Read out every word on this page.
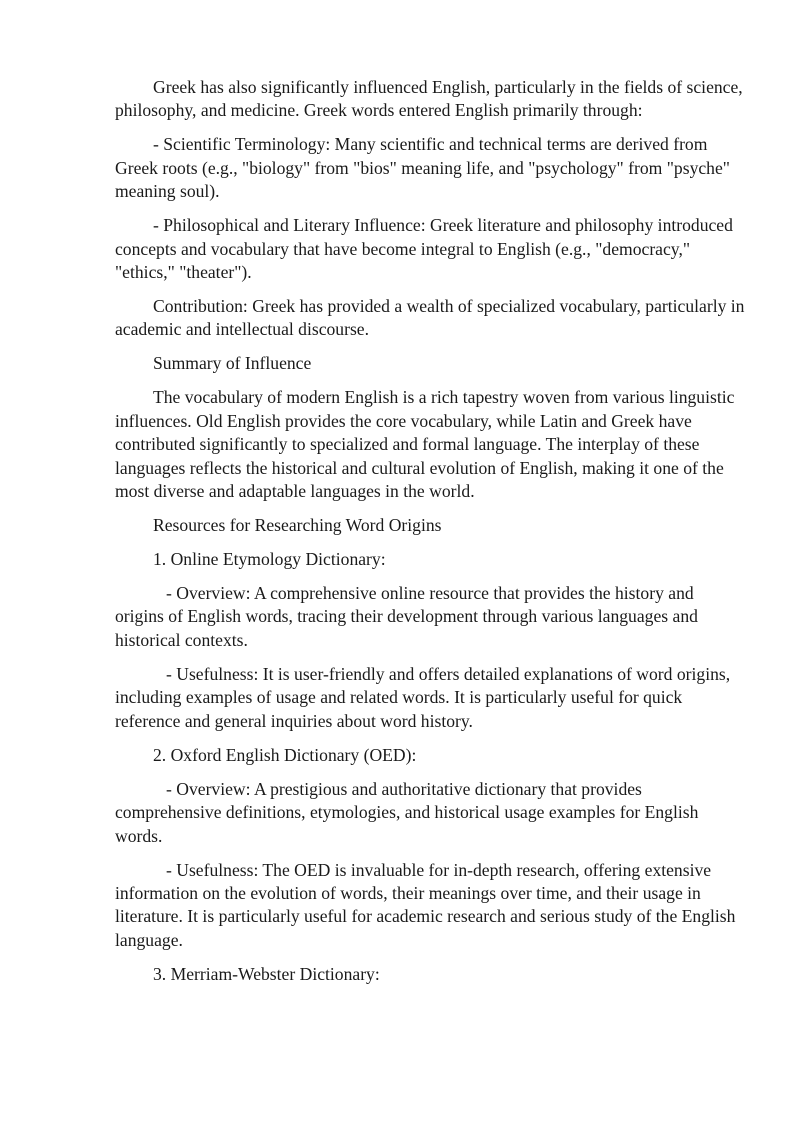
Greek has also significantly influenced English, particularly in the fields of science, philosophy, and medicine. Greek words entered English primarily through:

- Scientific Terminology: Many scientific and technical terms are derived from Greek roots (e.g., "biology" from "bios" meaning life, and "psychology" from "psyche" meaning soul).

- Philosophical and Literary Influence: Greek literature and philosophy introduced concepts and vocabulary that have become integral to English (e.g., "democracy," "ethics," "theater").

Contribution: Greek has provided a wealth of specialized vocabulary, particularly in academic and intellectual discourse.

Summary of Influence

The vocabulary of modern English is a rich tapestry woven from various linguistic influences. Old English provides the core vocabulary, while Latin and Greek have contributed significantly to specialized and formal language. The interplay of these languages reflects the historical and cultural evolution of English, making it one of the most diverse and adaptable languages in the world.

Resources for Researching Word Origins

1. Online Etymology Dictionary:

- Overview: A comprehensive online resource that provides the history and origins of English words, tracing their development through various languages and historical contexts.

- Usefulness: It is user-friendly and offers detailed explanations of word origins, including examples of usage and related words. It is particularly useful for quick reference and general inquiries about word history.

2. Oxford English Dictionary (OED):

- Overview: A prestigious and authoritative dictionary that provides comprehensive definitions, etymologies, and historical usage examples for English words.

- Usefulness: The OED is invaluable for in-depth research, offering extensive information on the evolution of words, their meanings over time, and their usage in literature. It is particularly useful for academic research and serious study of the English language.

3. Merriam-Webster Dictionary:
